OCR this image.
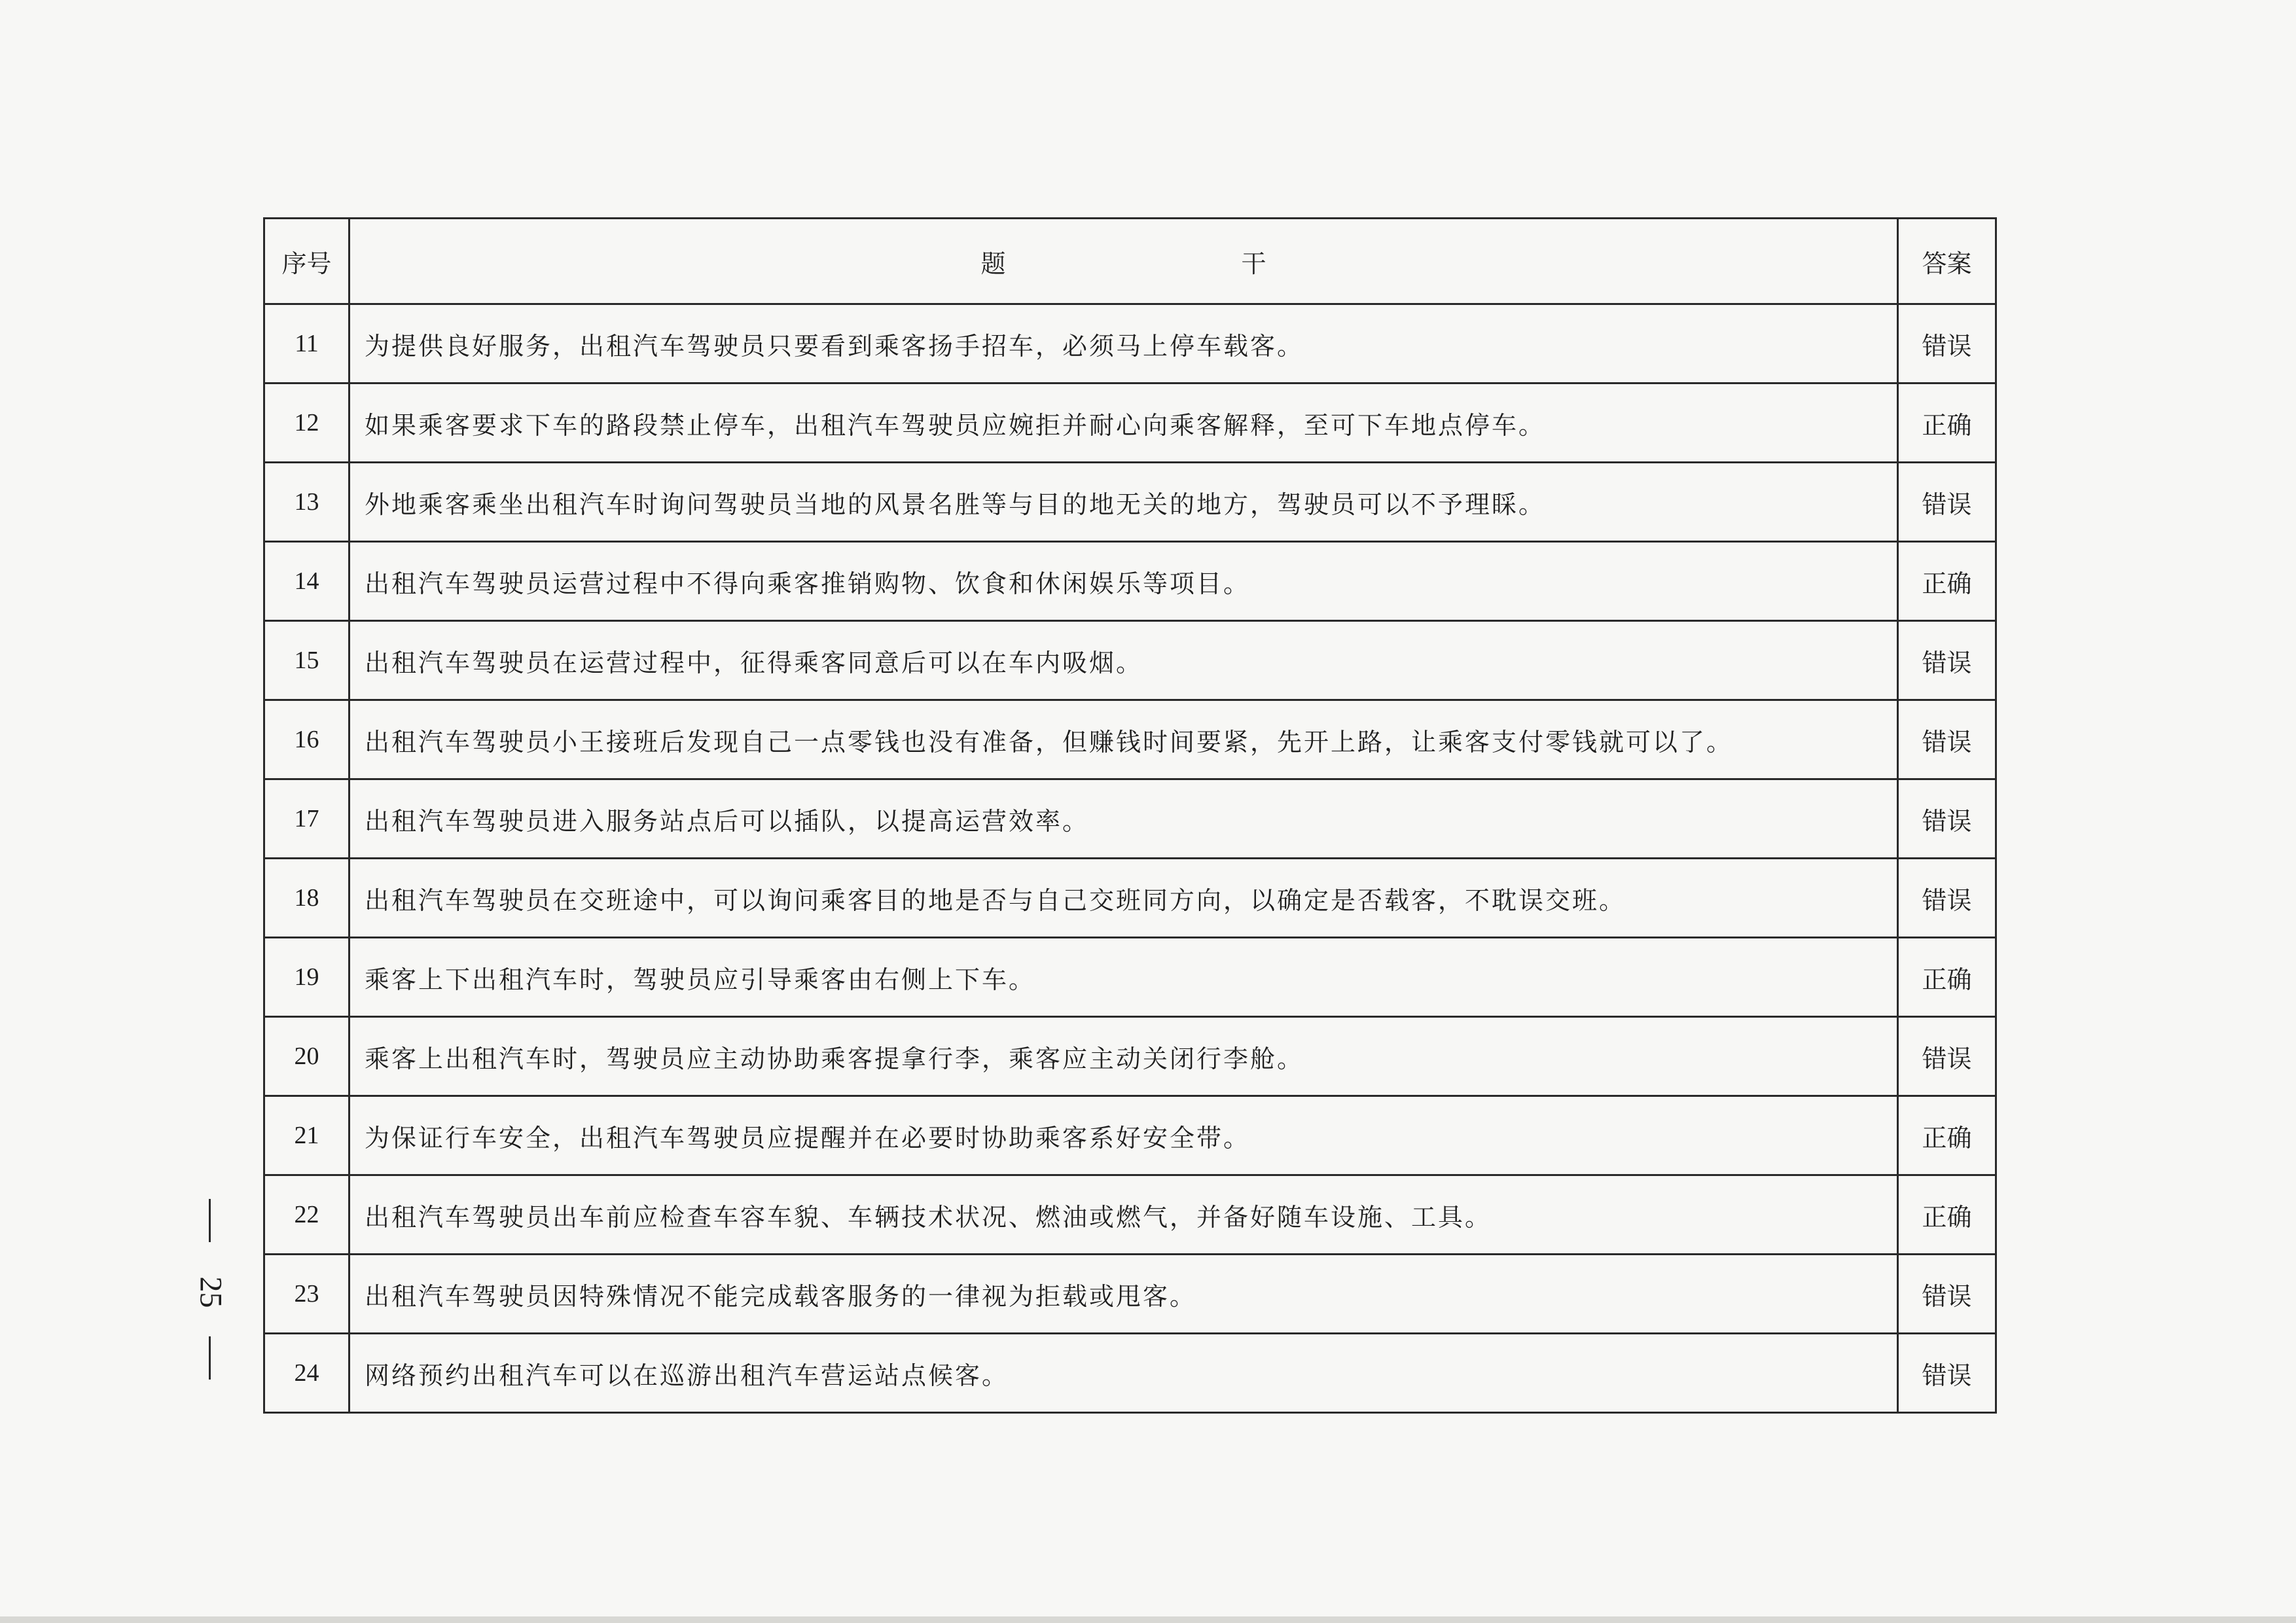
序号	题干	答案
11	为提供良好服务，出租汽车驾驶员只要看到乘客扬手招车，必须马上停车载客。	错误
12	如果乘客要求下车的路段禁止停车，出租汽车驾驶员应婉拒并耐心向乘客解释，至可下车地点停车。	正确
13	外地乘客乘坐出租汽车时询问驾驶员当地的风景名胜等与目的地无关的地方，驾驶员可以不予理睬。	错误
14	出租汽车驾驶员运营过程中不得向乘客推销购物、饮食和休闲娱乐等项目。	正确
15	出租汽车驾驶员在运营过程中，征得乘客同意后可以在车内吸烟。	错误
16	出租汽车驾驶员小王接班后发现自己一点零钱也没有准备，但赚钱时间要紧，先开上路，让乘客支付零钱就可以了。	错误
17	出租汽车驾驶员进入服务站点后可以插队，以提高运营效率。	错误
18	出租汽车驾驶员在交班途中，可以询问乘客目的地是否与自己交班同方向，以确定是否载客，不耽误交班。	错误
19	乘客上下出租汽车时，驾驶员应引导乘客由右侧上下车。	正确
20	乘客上出租汽车时，驾驶员应主动协助乘客提拿行李，乘客应主动关闭行李舱。	错误
21	为保证行车安全，出租汽车驾驶员应提醒并在必要时协助乘客系好安全带。	正确
22	出租汽车驾驶员出车前应检查车容车貌、车辆技术状况、燃油或燃气，并备好随车设施、工具。	正确
23	出租汽车驾驶员因特殊情况不能完成载客服务的一律视为拒载或甩客。	错误
24	网络预约出租汽车可以在巡游出租汽车营运站点候客。	错误
25
